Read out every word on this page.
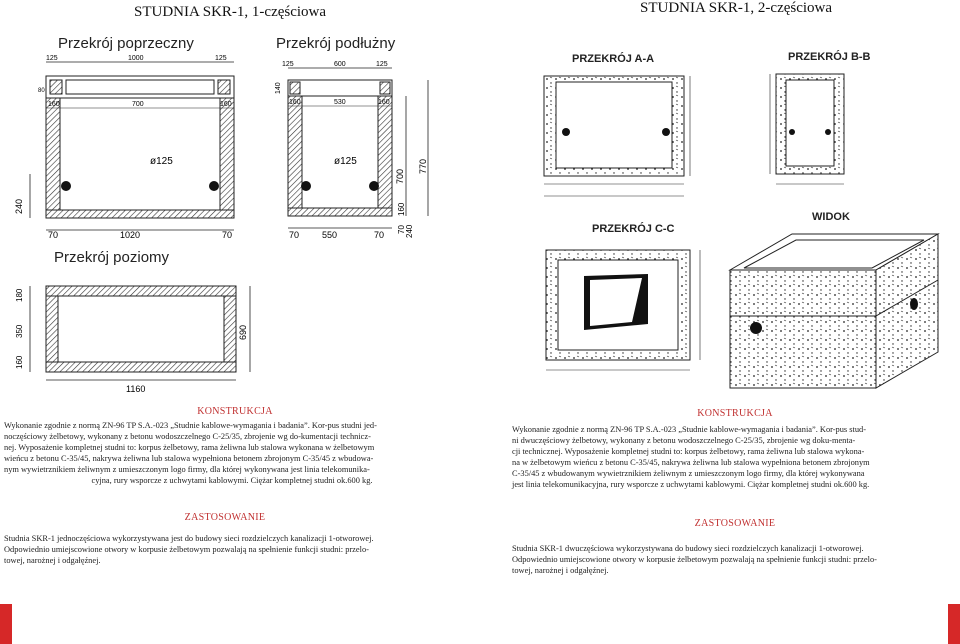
STUDNIA SKR-1, 1-częściowa
Przekrój poprzeczny	Przekrój podłużny
Przekrój poziomy
125	1000	125
80
160	700	160
ø125
240
70	1020	70
125	600	125
140
160	530	160
ø125
700
160
70 240
770
70	550	70
180
350
160
690
1160
KONSTRUKCJA
Wykonanie zgodnie z normą ZN-96 TP S.A.-023 „Studnie kablowe-wymagania i badania”. Kor-pus studni jed-
noczęściowy żelbetowy, wykonany z betonu wodoszczelnego C-25/35, zbrojenie wg do-kumentacji technicz-
nej. Wyposażenie kompletnej studni to: korpus żelbetowy, rama żeliwna lub stalowa wykonana w żelbetowym
wieńcu z betonu C-35/45, nakrywa żeliwna lub stalowa wypełniona betonem zbrojonym C-35/45 z wbudowa-
nym wywietrznikiem żeliwnym z umieszczonym logo firmy, dla której wykonywana jest linia telekomunika-
cyjna, rury wsporcze z uchwytami kablowymi. Ciężar kompletnej studni ok.600 kg.
ZASTOSOWANIE
Studnia SKR-1 jednoczęściowa wykorzystywana jest do budowy sieci rozdzielczych kanalizacji 1-otworowej.
Odpowiednio umiejscowione otwory w korpusie żelbetowym pozwalają na spełnienie funkcji studni: przelo-
towej, narożnej i odgałęźnej.
STUDNIA SKR-1, 2-częściowa
PRZEKRÓJ A-A	PRZEKRÓJ B-B
PRZEKRÓJ C-C
WIDOK
KONSTRUKCJA
Wykonanie zgodnie z normą ZN-96 TP S.A.-023 „Studnie kablowe-wymagania i badania”. Kor-pus stud-
ni dwuczęściowy żelbetowy, wykonany z betonu wodoszczelnego C-25/35, zbrojenie wg doku-menta-
cji technicznej. Wyposażenie kompletnej studni to: korpus żelbetowy, rama żeliwna lub stalowa wykona-
na w żelbetowym wieńcu z betonu C-35/45, nakrywa żeliwna lub stalowa wypełniona betonem zbrojonym
C-35/45 z wbudowanym wywietrznikiem żeliwnym z umieszczonym logo firmy, dla której wykonywana
jest linia telekomunikacyjna, rury wsporcze z uchwytami kablowymi. Ciężar kompletnej studni ok.600 kg.
ZASTOSOWANIE
Studnia SKR-1 dwuczęściowa wykorzystywana do budowy sieci rozdzielczych kanalizacji 1-otworowej.
Odpowiednio umiejscowione otwory w korpusie żelbetowym pozwalają na spełnienie funkcji studni: przelo-
towej, narożnej i odgałęźnej.
